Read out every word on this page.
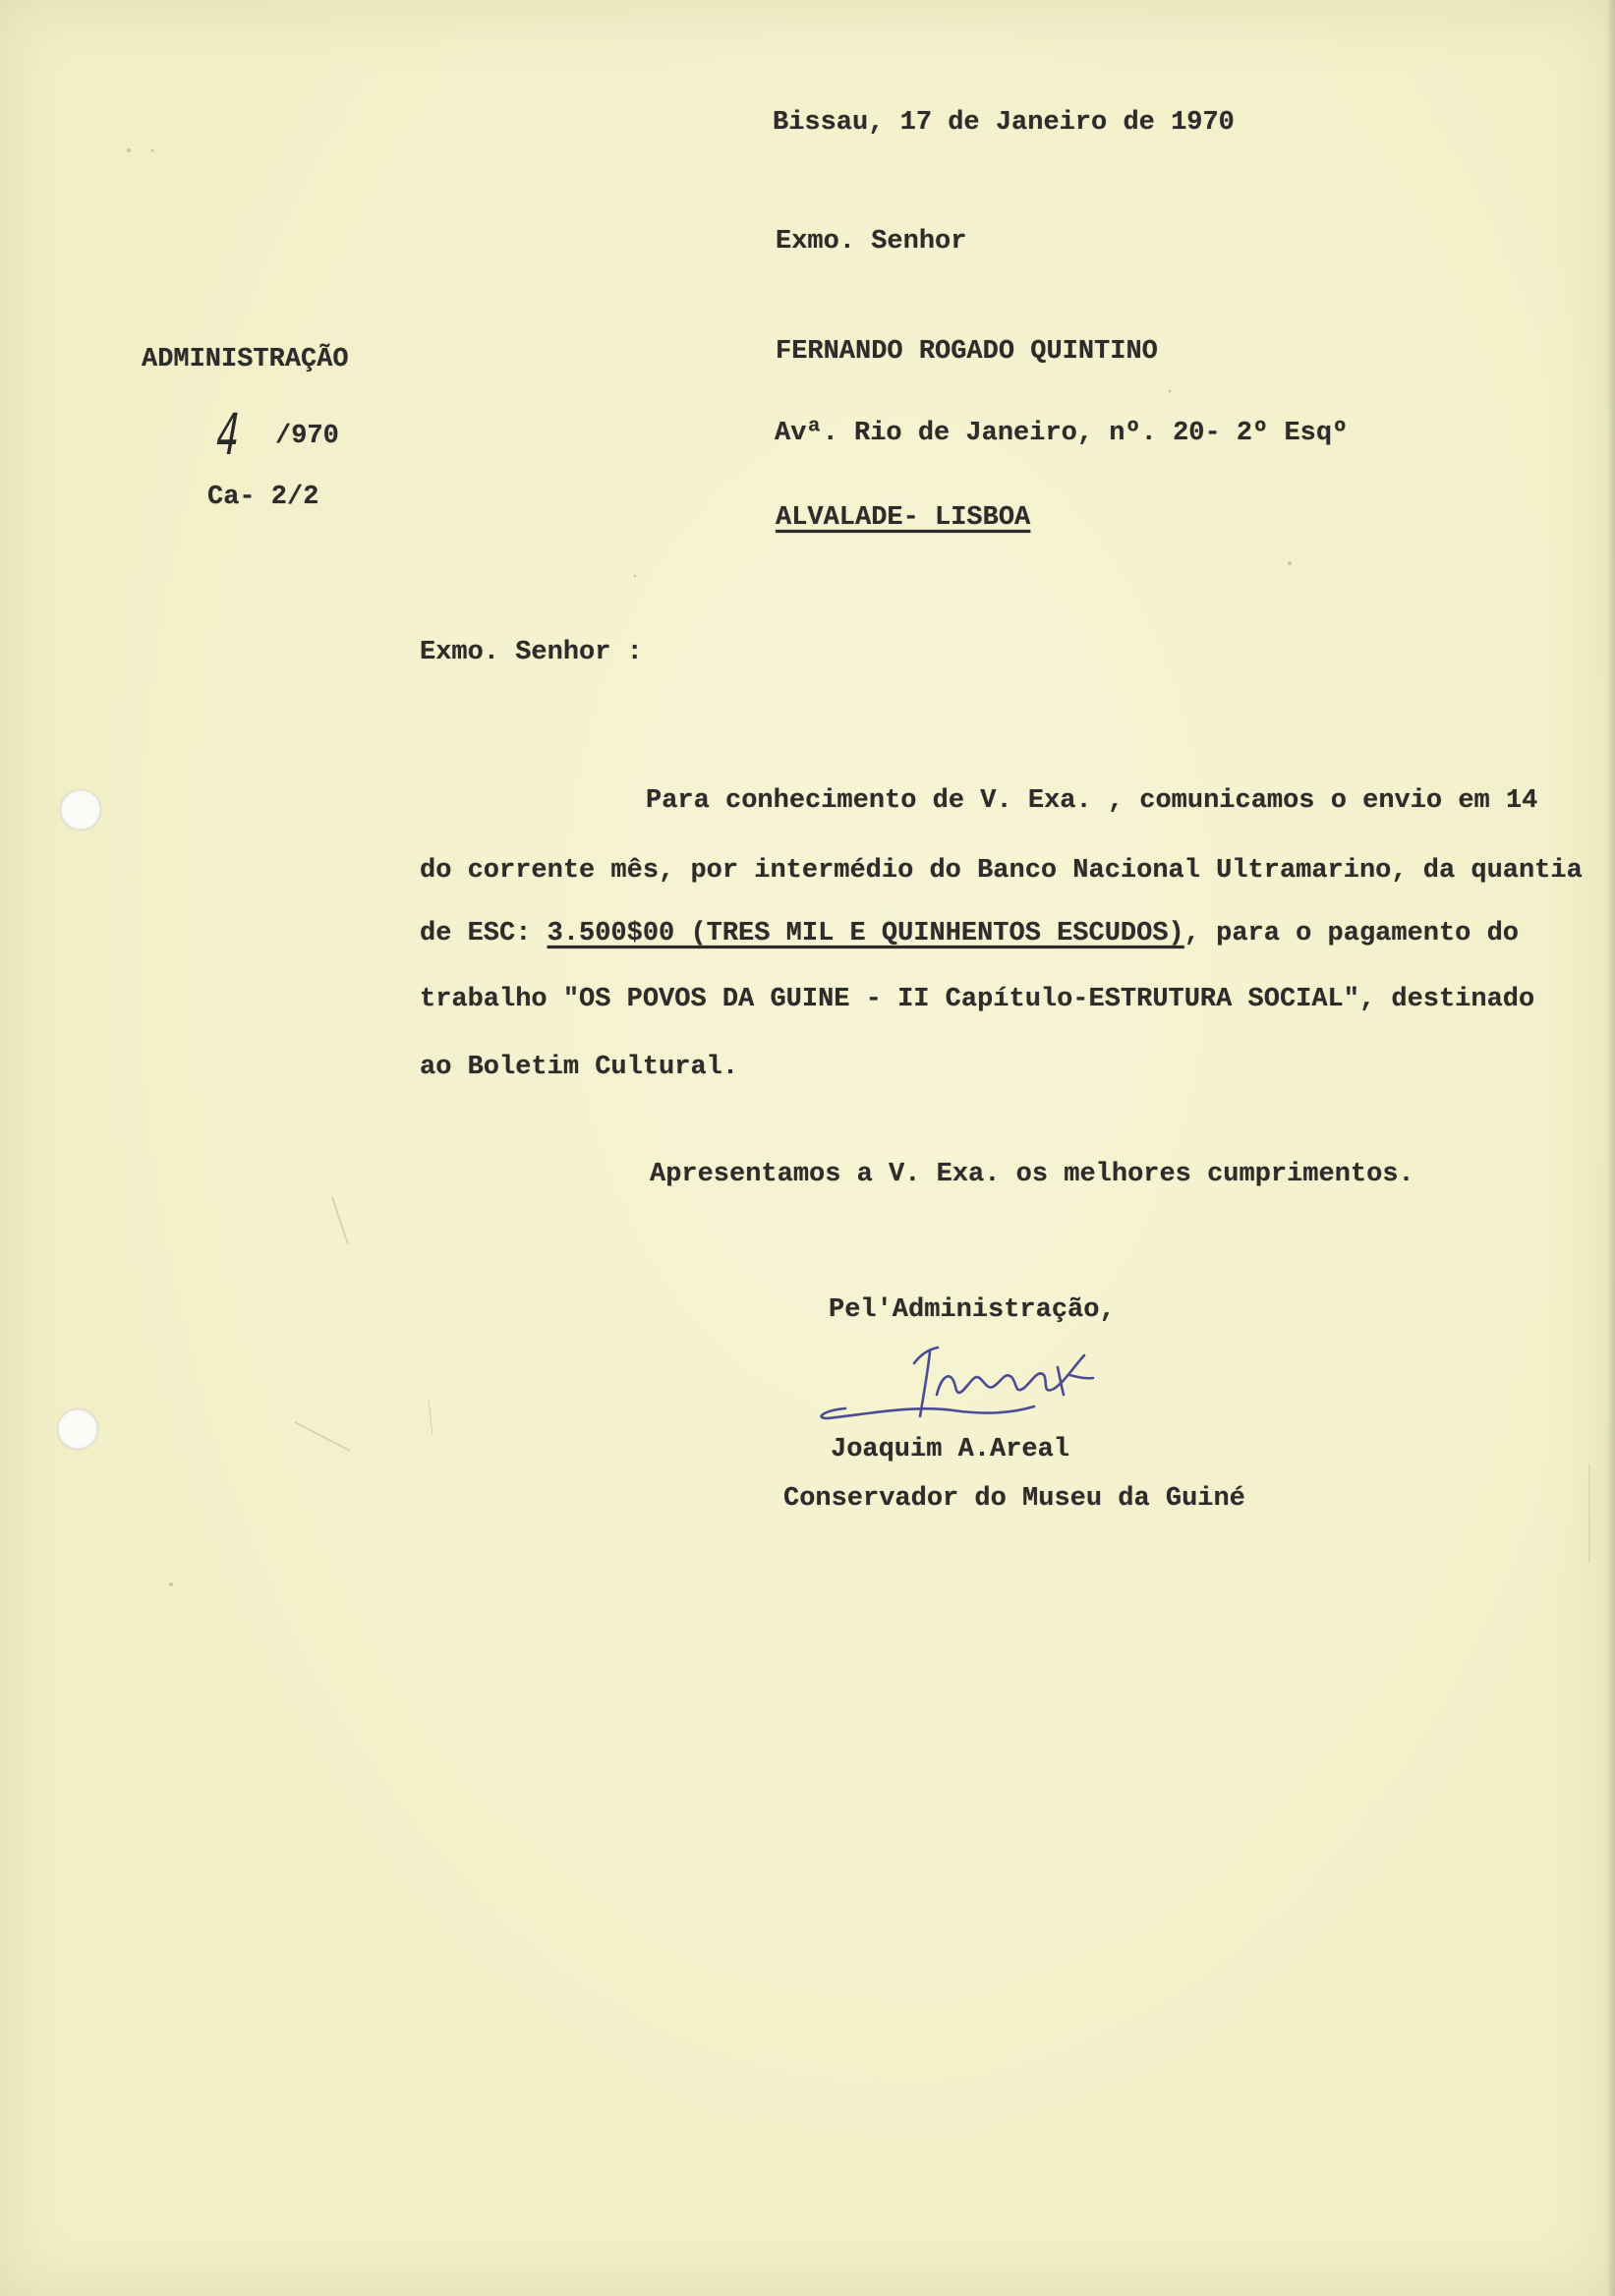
Bissau, 17 de Janeiro de 1970
Exmo. Senhor
ADMINISTRAÇÃO
4 /970
Ca- 2/2
FERNANDO ROGADO QUINTINO
Avª. Rio de Janeiro, nº. 20- 2º Esqº
ALVALADE- LISBOA
Exmo. Senhor :
Para conhecimento de V. Exa. , comunicamos o envio em 14
do corrente mês, por intermédio do Banco Nacional Ultramarino, da quantia
de ESC: 3.500$00 (TRES MIL E QUINHENTOS ESCUDOS), para o pagamento do
trabalho "OS POVOS DA GUINE - II Capítulo-ESTRUTURA SOCIAL", destinado
ao Boletim Cultural.
Apresentamos a V. Exa. os melhores cumprimentos.
Pel'Administração,
Joaquim A.Areal
Conservador do Museu da Guiné
